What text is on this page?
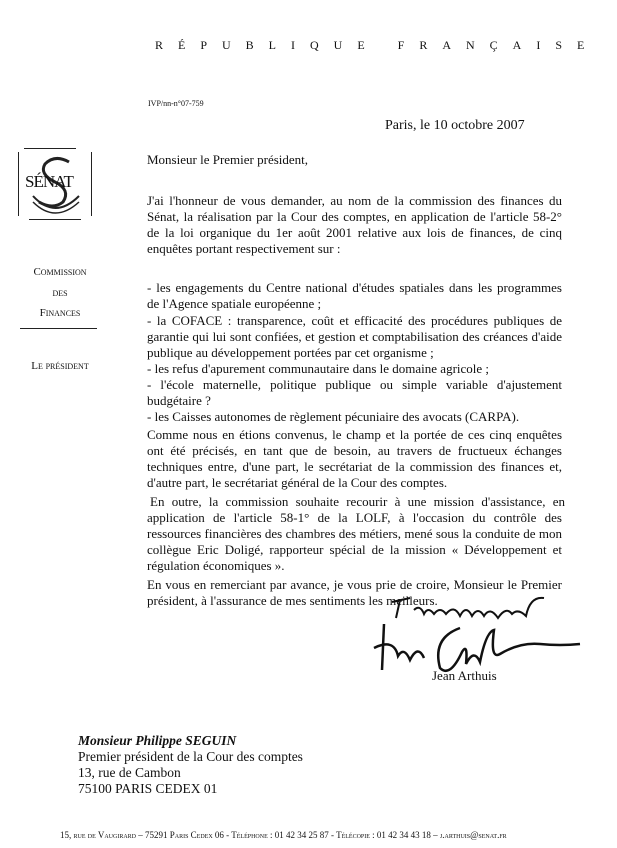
RÉPUBLIQUE FRANÇAISE
IVP/nn-n°07-759
Paris, le 10 octobre 2007
SÉNAT
Commission
des
Finances
Le président
Monsieur le Premier président,
J'ai l'honneur de vous demander, au nom de la commission des finances du
Sénat, la réalisation par la Cour des comptes, en application de l'article 58-2°
de la loi organique du 1er août 2001 relative aux lois de finances, de cinq
enquêtes portant respectivement sur :
- les engagements du Centre national d'études spatiales dans les programmes
de l'Agence spatiale européenne ;
- la COFACE : transparence, coût et efficacité des procédures publiques de
garantie qui lui sont confiées, et gestion et comptabilisation des créances d'aide
publique au développement portées par cet organisme ;
- les refus d'apurement communautaire dans le domaine agricole ;
- l'école maternelle, politique publique ou simple variable d'ajustement
budgétaire ?
- les Caisses autonomes de règlement pécuniaire des avocats (CARPA).
Comme nous en étions convenus, le champ et la portée de ces cinq enquêtes
ont été précisés, en tant que de besoin, au travers de fructueux échanges
techniques entre, d'une part, le secrétariat de la commission des finances et,
d'autre part, le secrétariat général de la Cour des comptes.
En outre, la commission souhaite recourir à une mission d'assistance, en
application de l'article 58-1° de la LOLF, à l'occasion du contrôle des
ressources financières des chambres des métiers, mené sous la conduite de mon
collègue Eric Doligé, rapporteur spécial de la mission « Développement et
régulation économiques ».
En vous en remerciant par avance, je vous prie de croire, Monsieur le Premier
président, à l'assurance de mes sentiments les meilleurs.
Jean Arthuis
Monsieur Philippe SEGUIN
Premier président de la Cour des comptes
13, rue de Cambon
75100 PARIS CEDEX 01
15, rue de Vaugirard – 75291 Paris Cedex 06 - Téléphone : 01 42 34 25 87 - Télécopie : 01 42 34 43 18 – j.arthuis@senat.fr
